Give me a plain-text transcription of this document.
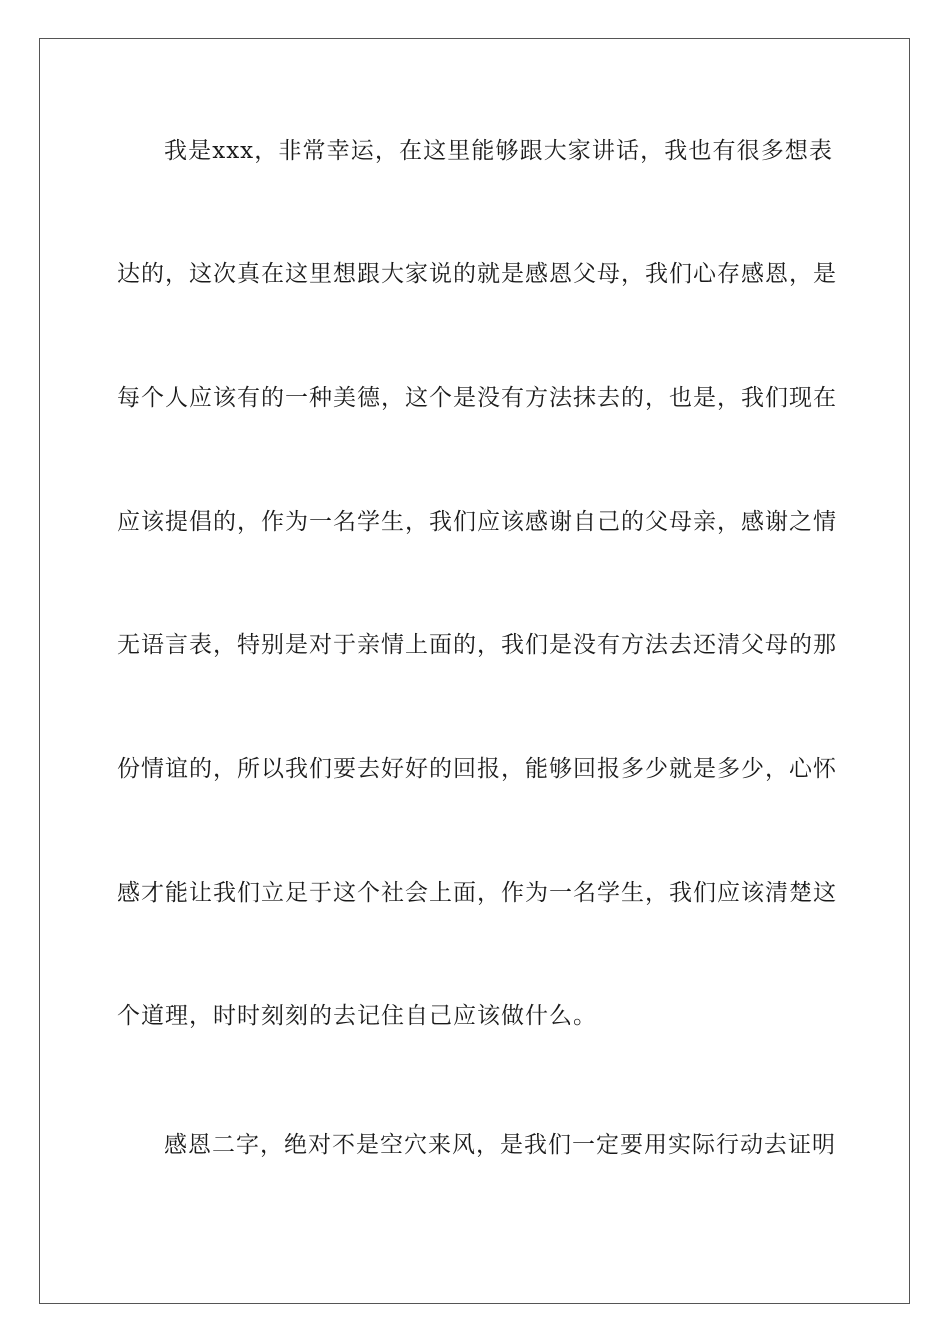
我是xxx，非常幸运，在这里能够跟大家讲话，我也有很多想表

达的，这次真在这里想跟大家说的就是感恩父母，我们心存感恩，是

每个人应该有的一种美德，这个是没有方法抹去的，也是，我们现在

应该提倡的，作为一名学生，我们应该感谢自己的父母亲，感谢之情

无语言表，特别是对于亲情上面的，我们是没有方法去还清父母的那

份情谊的，所以我们要去好好的回报，能够回报多少就是多少，心怀

感才能让我们立足于这个社会上面，作为一名学生，我们应该清楚这

个道理，时时刻刻的去记住自己应该做什么。

感恩二字，绝对不是空穴来风，是我们一定要用实际行动去证明
